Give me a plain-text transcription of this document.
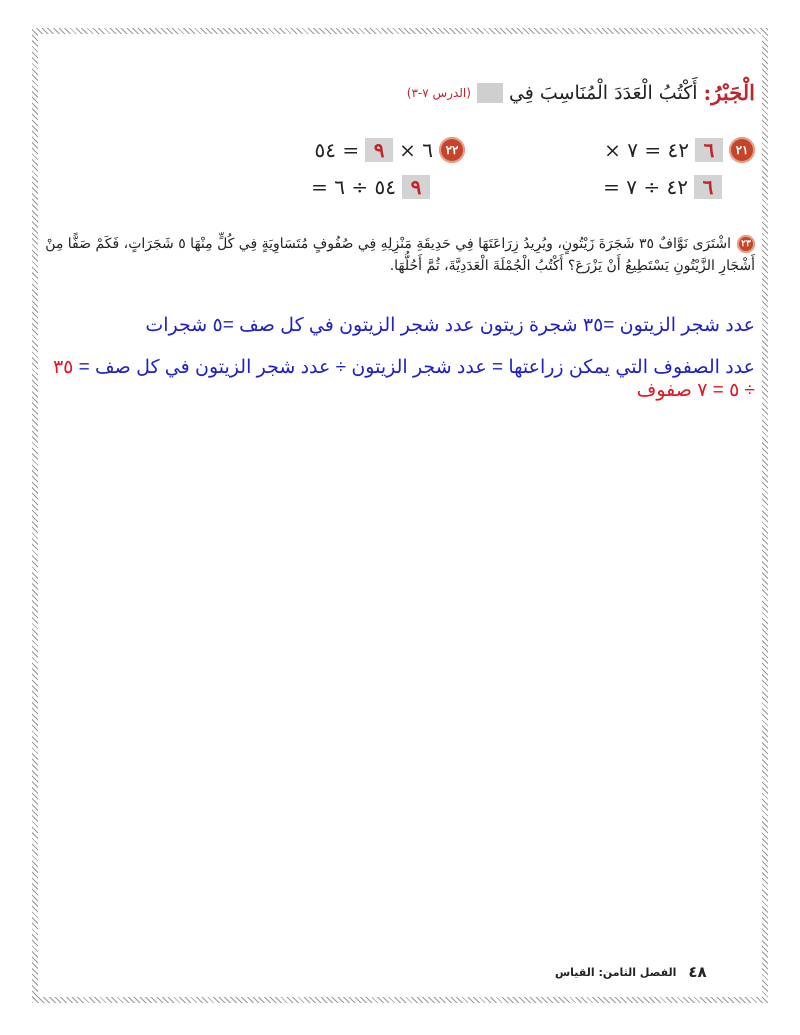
الْجَبْرُ:
أَكْتُبُ الْعَدَدَ الْمُنَاسِبَ فِي
(الدرس ٧-٣)
٢١
٦
٤٢ = ٧ ×
٦
٤٢ ÷ ٧ =
٢٢
٦ ×
٩
= ٥٤
٩
٥٤ ÷ ٦ =
٢٣اشْتَرَى نَوَّافٌ ٣٥ شَجَرَةَ زَيْتُونٍ، ويُرِيدُ زِرَاعَتَهَا فِي حَدِيقَةِ مَنْزِلِهِ فِي صُفُوفٍ مُتَسَاوِيَةٍ فِي كُلٍّ مِنْهَا ٥ شَجَرَاتٍ، فَكَمْ صَفًّا مِنْ أَشْجَارِ الزَّيْتُونِ يَسْتَطِيعُ أَنْ يَزْرَعَ؟ أَكْتُبُ الْجُمْلَةَ الْعَدَدِيَّةَ، ثُمَّ أَحُلُّهَا.
عدد شجر الزيتون =٣٥ شجرة زيتون عدد شجر الزيتون في كل صف =٥ شجرات
عدد الصفوف التي يمكن زراعتها = عدد شجر الزيتون ÷ عدد شجر الزيتون في كل صف = ٣٥ ÷ ٥ = ٧ صفوف
الفصل الثامن: القياس ٤٨
